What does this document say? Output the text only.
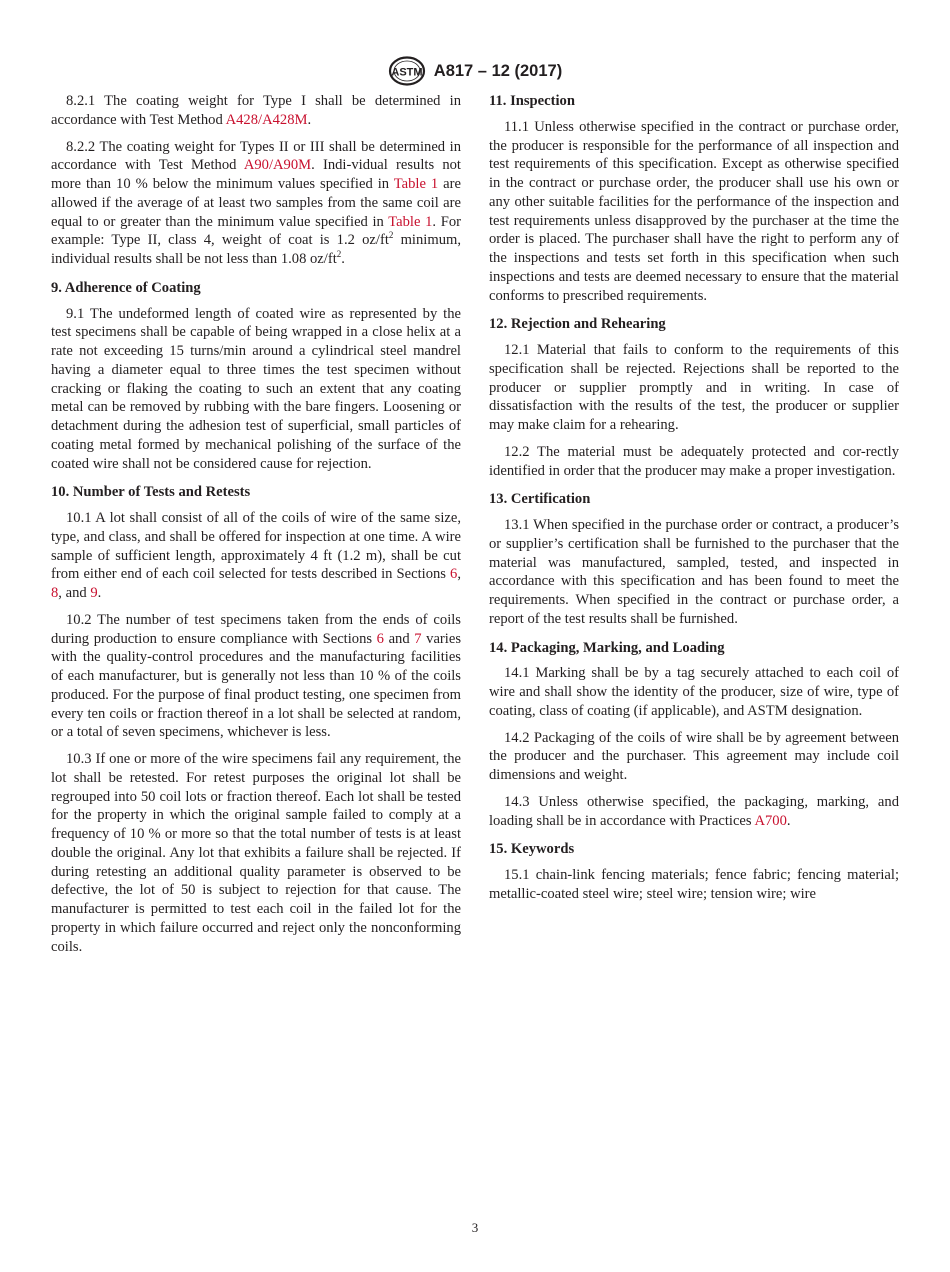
ASTM A817 – 12 (2017)

8.2.1 The coating weight for Type I shall be determined in accordance with Test Method A428/A428M.

8.2.2 The coating weight for Types II or III shall be determined in accordance with Test Method A90/A90M. Indi-vidual results not more than 10 % below the minimum values specified in Table 1 are allowed if the average of at least two samples from the same coil are equal to or greater than the minimum value specified in Table 1. For example: Type II, class 4, weight of coat is 1.2 $oz/ft^2$ minimum, individual results shall be not less than 1.08 $oz/ft^2$.

9. Adherence of Coating

9.1 The undeformed length of coated wire as represented by the test specimens shall be capable of being wrapped in a close helix at a rate not exceeding 15 turns/min around a cylindrical steel mandrel having a diameter equal to three times the test specimen without cracking or flaking the coating to such an extent that any coating metal can be removed by rubbing with the bare fingers. Loosening or detachment during the adhesion test of superficial, small particles of coating metal formed by mechanical polishing of the surface of the coated wire shall not be considered cause for rejection.

10. Number of Tests and Retests

10.1 A lot shall consist of all of the coils of wire of the same size, type, and class, and shall be offered for inspection at one time. A wire sample of sufficient length, approximately 4 ft (1.2 m), shall be cut from either end of each coil selected for tests described in Sections 6, 8, and 9.

10.2 The number of test specimens taken from the ends of coils during production to ensure compliance with Sections 6 and 7 varies with the quality-control procedures and the manufacturing facilities of each manufacturer, but is generally not less than 10 % of the coils produced. For the purpose of final product testing, one specimen from every ten coils or fraction thereof in a lot shall be selected at random, or a total of seven specimens, whichever is less.

10.3 If one or more of the wire specimens fail any requirement, the lot shall be retested. For retest purposes the original lot shall be regrouped into 50 coil lots or fraction thereof. Each lot shall be tested for the property in which the original sample failed to comply at a frequency of 10 % or more so that the total number of tests is at least double the original. Any lot that exhibits a failure shall be rejected. If during retesting an additional quality parameter is observed to be defective, the lot of 50 is subject to rejection for that cause. The manufacturer is permitted to test each coil in the failed lot for the property in which failure occurred and reject only the nonconforming coils.

11. Inspection

11.1 Unless otherwise specified in the contract or purchase order, the producer is responsible for the performance of all inspection and test requirements of this specification. Except as otherwise specified in the contract or purchase order, the producer shall use his own or any other suitable facilities for the performance of the inspection and test requirements unless disapproved by the purchaser at the time the order is placed. The purchaser shall have the right to perform any of the inspections and tests set forth in this specification when such inspections and tests are deemed necessary to ensure that the material conforms to prescribed requirements.

12. Rejection and Rehearing

12.1 Material that fails to conform to the requirements of this specification shall be rejected. Rejections shall be reported to the producer or supplier promptly and in writing. In case of dissatisfaction with the results of the test, the producer or supplier may make claim for a rehearing.

12.2 The material must be adequately protected and cor-rectly identified in order that the producer may make a proper investigation.

13. Certification

13.1 When specified in the purchase order or contract, a producer’s or supplier’s certification shall be furnished to the purchaser that the material was manufactured, sampled, tested, and inspected in accordance with this specification and has been found to meet the requirements. When specified in the contract or purchase order, a report of the test results shall be furnished.

14. Packaging, Marking, and Loading

14.1 Marking shall be by a tag securely attached to each coil of wire and shall show the identity of the producer, size of wire, type of coating, class of coating (if applicable), and ASTM designation.

14.2 Packaging of the coils of wire shall be by agreement between the producer and the purchaser. This agreement may include coil dimensions and weight.

14.3 Unless otherwise specified, the packaging, marking, and loading shall be in accordance with Practices A700.

15. Keywords

15.1 chain-link fencing materials; fence fabric; fencing material; metallic-coated steel wire; steel wire; tension wire; wire

3
